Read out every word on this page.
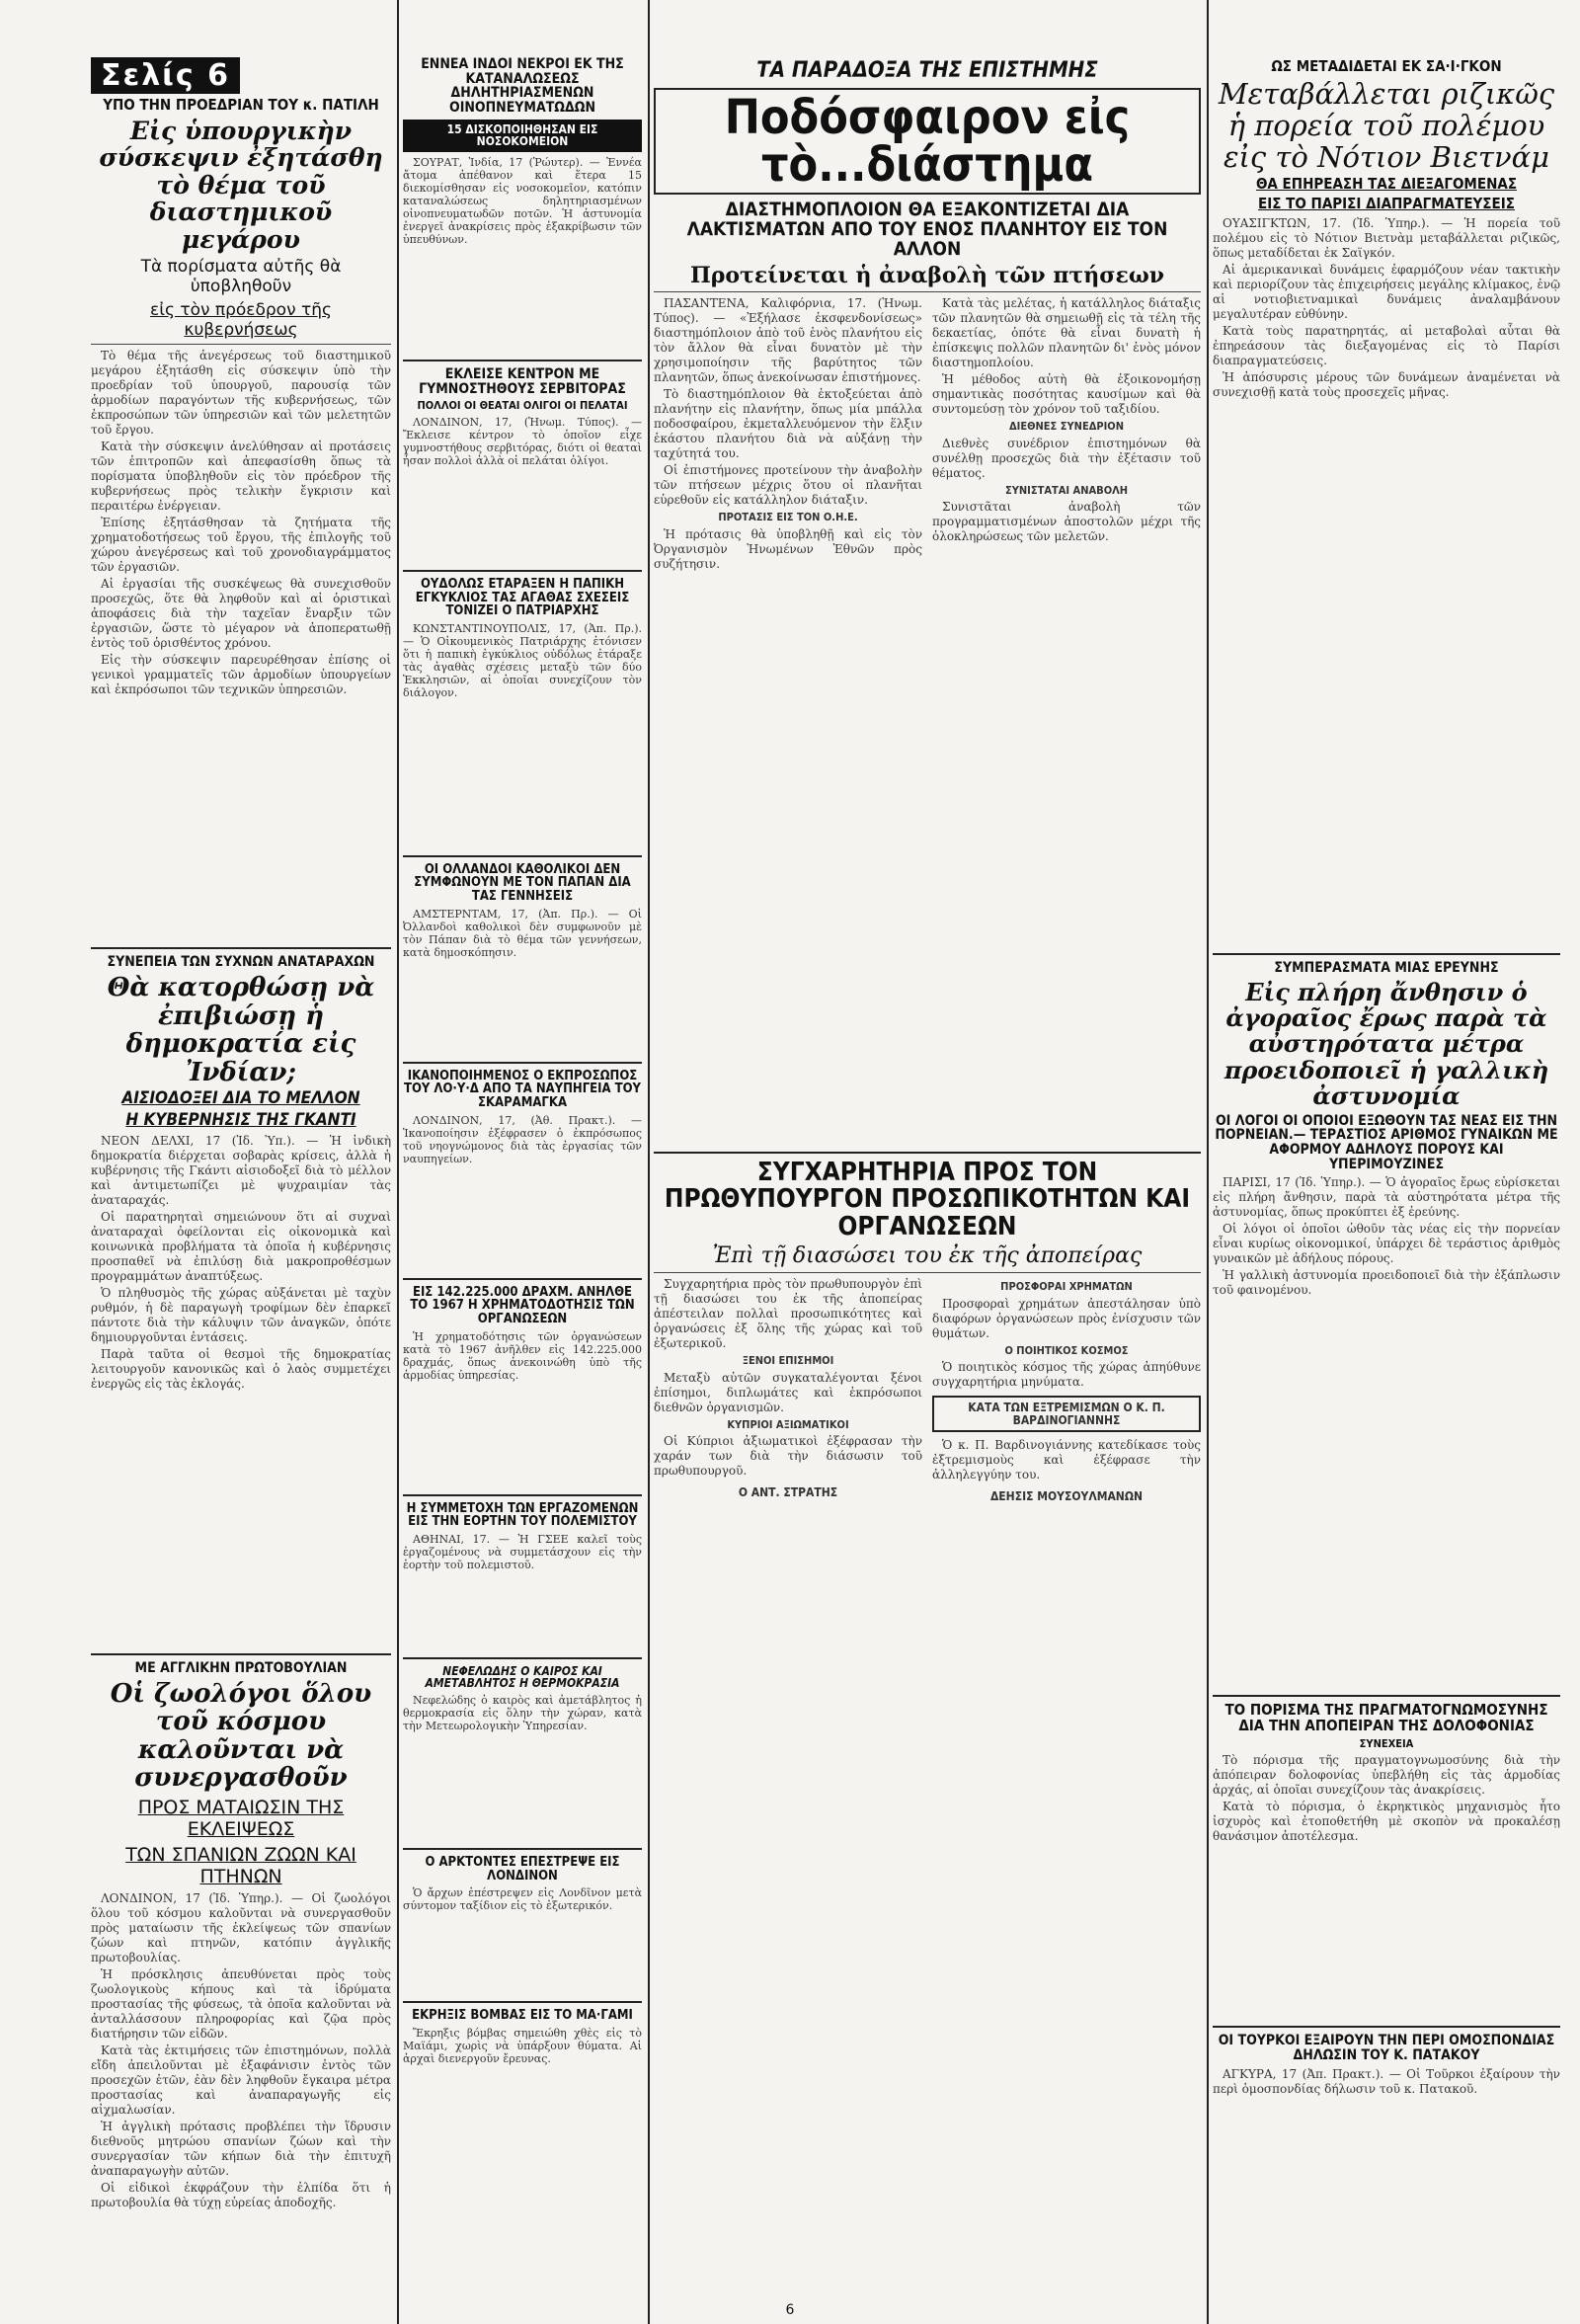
Σελίς 6
ΥΠΟ ΤΗΝ ΠΡΟΕΔΡΙΑΝ ΤΟΥ κ. ΠΑΤΙΛΗ
Εἰς ὑπουργικὴν σύσκεψιν ἐξητάσθη τὸ θέμα τοῦ διαστημικοῦ μεγάρου
Τὰ πορίσματα αὐτῆς θὰ ὑποβληθοῦν
εἰς τὸν πρόεδρον τῆς κυβερνήσεως

Τὸ θέμα τῆς ἀνεγέρσεως τοῦ διαστημικοῦ μεγάρου ἐξητάσθη εἰς σύσκεψιν ὑπὸ τὴν προεδρίαν τοῦ ὑπουργοῦ, παρουσίᾳ τῶν ἁρμοδίων παραγόντων τῆς κυβερνήσεως, τῶν ἐκπροσώπων τῶν ὑπηρεσιῶν καὶ τῶν μελετητῶν τοῦ ἔργου.

Κατὰ τὴν σύσκεψιν ἀνελύθησαν αἱ προτάσεις τῶν ἐπιτροπῶν καὶ ἀπεφασίσθη ὅπως τὰ πορίσματα ὑποβληθοῦν εἰς τὸν πρόεδρον τῆς κυβερνήσεως πρὸς τελικὴν ἔγκρισιν καὶ περαιτέρω ἐνέργειαν.

Ἐπίσης ἐξητάσθησαν τὰ ζητήματα τῆς χρηματοδοτήσεως τοῦ ἔργου, τῆς ἐπιλογῆς τοῦ χώρου ἀνεγέρσεως καὶ τοῦ χρονοδιαγράμματος τῶν ἐργασιῶν.

Αἱ ἐργασίαι τῆς συσκέψεως θὰ συνεχισθοῦν προσεχῶς, ὅτε θὰ ληφθοῦν καὶ αἱ ὁριστικαὶ ἀποφάσεις διὰ τὴν ταχεῖαν ἔναρξιν τῶν ἐργασιῶν, ὥστε τὸ μέγαρον νὰ ἀποπερατωθῇ ἐντὸς τοῦ ὁρισθέντος χρόνου.

Εἰς τὴν σύσκεψιν παρευρέθησαν ἐπίσης οἱ γενικοὶ γραμματεῖς τῶν ἁρμοδίων ὑπουργείων καὶ ἐκπρόσωποι τῶν τεχνικῶν ὑπηρεσιῶν.

ΣΥΝΕΠΕΙΑ ΤΩΝ ΣΥΧΝΩΝ ΑΝΑΤΑΡΑΧΩΝ
Θὰ κατορθώσῃ νὰ ἐπιβιώσῃ ἡ δημοκρατία εἰς Ἰνδίαν;
ΑΙΣΙΟΔΟΞΕΙ ΔΙΑ ΤΟ ΜΕΛΛΟΝ
Η ΚΥΒΕΡΝΗΣΙΣ ΤΗΣ ΓΚΑΝΤΙ

ΝΕΟΝ ΔΕΛΧΙ, 17 (Ἰδ. Ὑπ.). — Ἡ ἰνδικὴ δημοκρατία διέρχεται σοβαρὰς κρίσεις, ἀλλὰ ἡ κυβέρνησις τῆς Γκάντι αἰσιοδοξεῖ διὰ τὸ μέλλον καὶ ἀντιμετωπίζει μὲ ψυχραιμίαν τὰς ἀναταραχάς.

Οἱ παρατηρηταὶ σημειώνουν ὅτι αἱ συχναὶ ἀναταραχαὶ ὀφείλονται εἰς οἰκονομικὰ καὶ κοινωνικὰ προβλήματα τὰ ὁποῖα ἡ κυβέρνησις προσπαθεῖ νὰ ἐπιλύσῃ διὰ μακροπροθέσμων προγραμμάτων ἀναπτύξεως.

Ὁ πληθυσμὸς τῆς χώρας αὐξάνεται μὲ ταχὺν ρυθμόν, ἡ δὲ παραγωγὴ τροφίμων δὲν ἐπαρκεῖ πάντοτε διὰ τὴν κάλυψιν τῶν ἀναγκῶν, ὁπότε δημιουργοῦνται ἐντάσεις.

Παρὰ ταῦτα οἱ θεσμοὶ τῆς δημοκρατίας λειτουργοῦν κανονικῶς καὶ ὁ λαὸς συμμετέχει ἐνεργῶς εἰς τὰς ἐκλογάς.

ΜΕ ΑΓΓΛΙΚΗΝ ΠΡΩΤΟΒΟΥΛΙΑΝ
Οἱ ζωολόγοι ὅλου τοῦ κόσμου καλοῦνται νὰ συνεργασθοῦν
ΠΡΟΣ ΜΑΤΑΙΩΣΙΝ ΤΗΣ ΕΚΛΕΙΨΕΩΣ
ΤΩΝ ΣΠΑΝΙΩΝ ΖΩΩΝ ΚΑΙ ΠΤΗΝΩΝ

ΛΟΝΔΙΝΟΝ, 17 (Ἰδ. Ὑπηρ.). — Οἱ ζωολόγοι ὅλου τοῦ κόσμου καλοῦνται νὰ συνεργασθοῦν πρὸς ματαίωσιν τῆς ἐκλείψεως τῶν σπανίων ζώων καὶ πτηνῶν, κατόπιν ἀγγλικῆς πρωτοβουλίας.

Ἡ πρόσκλησις ἀπευθύνεται πρὸς τοὺς ζωολογικοὺς κήπους καὶ τὰ ἱδρύματα προστασίας τῆς φύσεως, τὰ ὁποῖα καλοῦνται νὰ ἀνταλλάσσουν πληροφορίας καὶ ζῷα πρὸς διατήρησιν τῶν εἰδῶν.

Κατὰ τὰς ἐκτιμήσεις τῶν ἐπιστημόνων, πολλὰ εἴδη ἀπειλοῦνται μὲ ἐξαφάνισιν ἐντὸς τῶν προσεχῶν ἐτῶν, ἐὰν δὲν ληφθοῦν ἔγκαιρα μέτρα προστασίας καὶ ἀναπαραγωγῆς εἰς αἰχμαλωσίαν.

Ἡ ἀγγλικὴ πρότασις προβλέπει τὴν ἵδρυσιν διεθνοῦς μητρώου σπανίων ζώων καὶ τὴν συνεργασίαν τῶν κήπων διὰ τὴν ἐπιτυχῆ ἀναπαραγωγὴν αὐτῶν.

Οἱ εἰδικοὶ ἐκφράζουν τὴν ἐλπίδα ὅτι ἡ πρωτοβουλία θὰ τύχῃ εὐρείας ἀποδοχῆς.

ΕΝΝΕΑ ΙΝΔΟΙ ΝΕΚΡΟΙ ΕΚ ΤΗΣ ΚΑΤΑΝΑΛΩΣΕΩΣ ΔΗΛΗΤΗΡΙΑΣΜΕΝΩΝ ΟΙΝΟΠΝΕΥΜΑΤΩΔΩΝ
15 ΔΙΣΚΟΠΟΙΗΘΗΣΑΝ ΕΙΣ ΝΟΣΟΚΟΜΕΙΟΝ

ΣΟΥΡΑΤ, Ἰνδία, 17 (Ῥώυτερ). — Ἐννέα ἄτομα ἀπέθανον καὶ ἕτερα 15 διεκομίσθησαν εἰς νοσοκομεῖον, κατόπιν καταναλώσεως δηλητηριασμένων οἰνοπνευματωδῶν ποτῶν. Ἡ ἀστυνομία ἐνεργεῖ ἀνακρίσεις πρὸς ἐξακρίβωσιν τῶν ὑπευθύνων.

ΕΚΛΕΙΣΕ ΚΕΝΤΡΟΝ ΜΕ ΓΥΜΝΟΣΤΗΘΟΥΣ ΣΕΡΒΙΤΟΡΑΣ
ΠΟΛΛΟΙ ΟΙ ΘΕΑΤΑΙ ΟΛΙΓΟΙ ΟΙ ΠΕΛΑΤΑΙ

ΛΟΝΔΙΝΟΝ, 17, (Ἡνωμ. Τύπος). — Ἔκλεισε κέντρον τὸ ὁποῖον εἶχε γυμνοστήθους σερβιτόρας, διότι οἱ θεαταὶ ἦσαν πολλοὶ ἀλλὰ οἱ πελάται ὀλίγοι.

ΟΥΔΟΛΩΣ ΕΤΑΡΑΞΕΝ Η ΠΑΠΙΚΗ ΕΓΚΥΚΛΙΟΣ ΤΑΣ ΑΓΑΘΑΣ ΣΧΕΣΕΙΣ ΤΟΝΙΖΕΙ Ο ΠΑΤΡΙΑΡΧΗΣ

ΚΩΝΣΤΑΝΤΙΝΟΥΠΟΛΙΣ, 17, (Ἀπ. Πρ.). — Ὁ Οἰκουμενικὸς Πατριάρχης ἐτόνισεν ὅτι ἡ παπικὴ ἐγκύκλιος οὐδόλως ἐτάραξε τὰς ἀγαθὰς σχέσεις μεταξὺ τῶν δύο Ἐκκλησιῶν, αἱ ὁποῖαι συνεχίζουν τὸν διάλογον.

ΟΙ ΟΛΛΑΝΔΟΙ ΚΑΘΟΛΙΚΟΙ ΔΕΝ ΣΥΜΦΩΝΟΥΝ ΜΕ ΤΟΝ ΠΑΠΑΝ ΔΙΑ ΤΑΣ ΓΕΝΝΗΣΕΙΣ

ΑΜΣΤΕΡΝΤΑΜ, 17, (Ἀπ. Πρ.). — Οἱ Ὀλλανδοὶ καθολικοὶ δὲν συμφωνοῦν μὲ τὸν Πάπαν διὰ τὸ θέμα τῶν γεννήσεων, κατὰ δημοσκόπησιν.

ΙΚΑΝΟΠΟΙΗΜΕΝΟΣ Ο ΕΚΠΡΟΣΩΠΟΣ ΤΟΥ ΛΟ·Υ·Δ ΑΠΟ ΤΑ ΝΑΥΠΗΓΕΙΑ ΤΟΥ ΣΚΑΡΑΜΑΓΚΑ

ΛΟΝΔΙΝΟΝ, 17, (Ἀθ. Πρακτ.). — Ἱκανοποίησιν ἐξέφρασεν ὁ ἐκπρόσωπος τοῦ νηογνώμονος διὰ τὰς ἐργασίας τῶν ναυπηγείων.

ΕΙΣ 142.225.000 ΔΡΑΧΜ. ΑΝΗΛΘΕ ΤΟ 1967 Η ΧΡΗΜΑΤΟΔΟΤΗΣΙΣ ΤΩΝ ΟΡΓΑΝΩΣΕΩΝ

Ἡ χρηματοδότησις τῶν ὀργανώσεων κατὰ τὸ 1967 ἀνῆλθεν εἰς 142.225.000 δραχμάς, ὅπως ἀνεκοινώθη ὑπὸ τῆς ἁρμοδίας ὑπηρεσίας.

Η ΣΥΜΜΕΤΟΧΗ ΤΩΝ ΕΡΓΑΖΟΜΕΝΩΝ ΕΙΣ ΤΗΝ ΕΟΡΤΗΝ ΤΟΥ ΠΟΛΕΜΙΣΤΟΥ

ΑΘΗΝΑΙ, 17. — Ἡ ΓΣΕΕ καλεῖ τοὺς ἐργαζομένους νὰ συμμετάσχουν εἰς τὴν ἑορτὴν τοῦ πολεμιστοῦ.

ΝΕΦΕΛΩΔΗΣ Ο ΚΑΙΡΟΣ ΚΑΙ ΑΜΕΤΑΒΛΗΤΟΣ Η ΘΕΡΜΟΚΡΑΣΙΑ

Νεφελώδης ὁ καιρὸς καὶ ἀμετάβλητος ἡ θερμοκρασία εἰς ὅλην τὴν χώραν, κατὰ τὴν Μετεωρολογικὴν Ὑπηρεσίαν.

Ο ΑΡΚΤΟΝΤΕΣ ΕΠΕΣΤΡΕΨΕ ΕΙΣ ΛΟΝΔΙΝΟΝ

Ὁ ἄρχων ἐπέστρεψεν εἰς Λονδῖνον μετὰ σύντομον ταξίδιον εἰς τὸ ἐξωτερικόν.

ΕΚΡΗΞΙΣ ΒΟΜΒΑΣ ΕΙΣ ΤΟ ΜΑ·ΓΑΜΙ

Ἔκρηξις βόμβας σημειώθη χθὲς εἰς τὸ Μαϊάμι, χωρὶς νὰ ὑπάρξουν θύματα. Αἱ ἀρχαὶ διενεργοῦν ἔρευνας.

ΤΑ ΠΑΡΑΔΟΞΑ ΤΗΣ ΕΠΙΣΤΗΜΗΣ
Ποδόσφαιρον εἰς τὸ...διάστημα
ΔΙΑΣΤΗΜΟΠΛΟΙΟΝ ΘΑ ΕΞΑΚΟΝΤΙΖΕΤΑΙ ΔΙΑ ΛΑΚΤΙΣΜΑΤΩΝ ΑΠΟ ΤΟΥ ΕΝΟΣ ΠΛΑΝΗΤΟΥ ΕΙΣ ΤΟΝ ΑΛΛΟΝ
Προτείνεται ἡ ἀναβολὴ τῶν πτήσεων

ΠΑΣΑΝΤΕΝΑ, Καλιφόρνια, 17. (Ἡνωμ. Τύπος). — «Ἐξήλασε ἐκσφενδονίσεως» διαστημόπλοιον ἀπὸ τοῦ ἑνὸς πλανήτου εἰς τὸν ἄλλον θὰ εἶναι δυνατὸν μὲ τὴν χρησιμοποίησιν τῆς βαρύτητος τῶν πλανητῶν, ὅπως ἀνεκοίνωσαν ἐπιστήμονες.

Τὸ διαστημόπλοιον θὰ ἐκτοξεύεται ἀπὸ πλανήτην εἰς πλανήτην, ὅπως μία μπάλλα ποδοσφαίρου, ἐκμεταλλευόμενον τὴν ἕλξιν ἑκάστου πλανήτου διὰ νὰ αὐξάνῃ τὴν ταχύτητά του.

Οἱ ἐπιστήμονες προτείνουν τὴν ἀναβολὴν τῶν πτήσεων μέχρις ὅτου οἱ πλανῆται εὑρεθοῦν εἰς κατάλληλον διάταξιν.

ΠΡΟΤΑΣΙΣ ΕΙΣ ΤΟΝ Ο.Η.Ε.

Ἡ πρότασις θὰ ὑποβληθῇ καὶ εἰς τὸν Ὀργανισμὸν Ἡνωμένων Ἐθνῶν πρὸς συζήτησιν.

Κατὰ τὰς μελέτας, ἡ κατάλληλος διάταξις τῶν πλανητῶν θὰ σημειωθῇ εἰς τὰ τέλη τῆς δεκαετίας, ὁπότε θὰ εἶναι δυνατὴ ἡ ἐπίσκεψις πολλῶν πλανητῶν δι' ἑνὸς μόνον διαστημοπλοίου.

Ἡ μέθοδος αὐτὴ θὰ ἐξοικονομήσῃ σημαντικὰς ποσότητας καυσίμων καὶ θὰ συντομεύσῃ τὸν χρόνον τοῦ ταξιδίου.

ΔΙΕΘΝΕΣ ΣΥΝΕΔΡΙΟΝ

Διεθνὲς συνέδριον ἐπιστημόνων θὰ συνέλθῃ προσεχῶς διὰ τὴν ἐξέτασιν τοῦ θέματος.

ΣΥΝΙΣΤΑΤΑΙ ΑΝΑΒΟΛΗ

Συνιστᾶται ἀναβολὴ τῶν προγραμματισμένων ἀποστολῶν μέχρι τῆς ὁλοκληρώσεως τῶν μελετῶν.

ΣΥΓΧΑΡΗΤΗΡΙΑ ΠΡΟΣ ΤΟΝ ΠΡΩΘΥΠΟΥΡΓΟΝ ΠΡΟΣΩΠΙΚΟΤΗΤΩΝ ΚΑΙ ΟΡΓΑΝΩΣΕΩΝ
Ἐπὶ τῇ διασώσει του ἐκ τῆς ἀποπείρας

Συγχαρητήρια πρὸς τὸν πρωθυπουργὸν ἐπὶ τῇ διασώσει του ἐκ τῆς ἀποπείρας ἀπέστειλαν πολλαὶ προσωπικότητες καὶ ὀργανώσεις ἐξ ὅλης τῆς χώρας καὶ τοῦ ἐξωτερικοῦ.

ΞΕΝΟΙ ΕΠΙΣΗΜΟΙ

Μεταξὺ αὐτῶν συγκαταλέγονται ξένοι ἐπίσημοι, διπλωμάτες καὶ ἐκπρόσωποι διεθνῶν ὀργανισμῶν.

ΚΥΠΡΙΟΙ ΑΞΙΩΜΑΤΙΚΟΙ

Οἱ Κύπριοι ἀξιωματικοὶ ἐξέφρασαν τὴν χαράν των διὰ τὴν διάσωσιν τοῦ πρωθυπουργοῦ.

Ο ΑΝΤ. ΣΤΡΑΤΗΣ
ΠΡΟΣΦΟΡΑΙ ΧΡΗΜΑΤΩΝ

Προσφοραὶ χρημάτων ἀπεστάλησαν ὑπὸ διαφόρων ὀργανώσεων πρὸς ἐνίσχυσιν τῶν θυμάτων.

Ο ΠΟΙΗΤΙΚΟΣ ΚΟΣΜΟΣ

Ὁ ποιητικὸς κόσμος τῆς χώρας ἀπηύθυνε συγχαρητήρια μηνύματα.

ΚΑΤΑ ΤΩΝ ΕΞΤΡΕΜΙΣΜΩΝ Ο Κ. Π. ΒΑΡΔΙΝΟΓΙΑΝΝΗΣ

Ὁ κ. Π. Βαρδινογιάννης κατεδίκασε τοὺς ἐξτρεμισμοὺς καὶ ἐξέφρασε τὴν ἀλληλεγγύην του.

ΔΕΗΣΙΣ ΜΟΥΣΟΥΛΜΑΝΩΝ
ΩΣ ΜΕΤΑΔΙΔΕΤΑΙ ΕΚ ΣΑ·Ι·ΓΚΟΝ
Μεταβάλλεται ριζικῶς ἡ πορεία τοῦ πολέμου εἰς τὸ Νότιον Βιετνάμ
ΘΑ ΕΠΗΡΕΑΣΗ ΤΑΣ ΔΙΕΞΑΓΟΜΕΝΑΣ
ΕΙΣ ΤΟ ΠΑΡΙΣΙ ΔΙΑΠΡΑΓΜΑΤΕΥΣΕΙΣ

ΟΥΑΣΙΓΚΤΩΝ, 17. (Ἰδ. Ὑπηρ.). — Ἡ πορεία τοῦ πολέμου εἰς τὸ Νότιον Βιετνὰμ μεταβάλλεται ριζικῶς, ὅπως μεταδίδεται ἐκ Σαϊγκόν.

Αἱ ἀμερικανικαὶ δυνάμεις ἐφαρμόζουν νέαν τακτικὴν καὶ περιορίζουν τὰς ἐπιχειρήσεις μεγάλης κλίμακος, ἐνῷ αἱ νοτιοβιετναμικαὶ δυνάμεις ἀναλαμβάνουν μεγαλυτέραν εὐθύνην.

Κατὰ τοὺς παρατηρητάς, αἱ μεταβολαὶ αὗται θὰ ἐπηρεάσουν τὰς διεξαγομένας εἰς τὸ Παρίσι διαπραγματεύσεις.

Ἡ ἀπόσυρσις μέρους τῶν δυνάμεων ἀναμένεται νὰ συνεχισθῇ κατὰ τοὺς προσεχεῖς μῆνας.

ΣΥΜΠΕΡΑΣΜΑΤΑ ΜΙΑΣ ΕΡΕΥΝΗΣ
Εἰς πλήρη ἄνθησιν ὁ ἀγοραῖος ἔρως παρὰ τὰ αὐστηρότατα μέτρα προειδοποιεῖ ἡ γαλλικὴ ἀστυνομία
ΟΙ ΛΟΓΟΙ ΟΙ ΟΠΟΙΟΙ ΕΞΩΘΟΥΝ ΤΑΣ ΝΕΑΣ ΕΙΣ ΤΗΝ ΠΟΡΝΕΙΑΝ.— ΤΕΡΑΣΤΙΟΣ ΑΡΙΘΜΟΣ ΓΥΝΑΙΚΩΝ ΜΕ ΑΦΟΡΜΟΥ ΑΔΗΛΟΥΣ ΠΟΡΟΥΣ ΚΑΙ ΥΠΕΡΙΜΟΥΖΙΝΕΣ

ΠΑΡΙΣΙ, 17 (Ἰδ. Ὑπηρ.). — Ὁ ἀγοραῖος ἔρως εὑρίσκεται εἰς πλήρη ἄνθησιν, παρὰ τὰ αὐστηρότατα μέτρα τῆς ἀστυνομίας, ὅπως προκύπτει ἐξ ἐρεύνης.

Οἱ λόγοι οἱ ὁποῖοι ὠθοῦν τὰς νέας εἰς τὴν πορνείαν εἶναι κυρίως οἰκονομικοί, ὑπάρχει δὲ τεράστιος ἀριθμὸς γυναικῶν μὲ ἀδήλους πόρους.

Ἡ γαλλικὴ ἀστυνομία προειδοποιεῖ διὰ τὴν ἐξάπλωσιν τοῦ φαινομένου.

ΤΟ ΠΟΡΙΣΜΑ ΤΗΣ ΠΡΑΓΜΑΤΟΓΝΩΜΟΣΥΝΗΣ ΔΙΑ ΤΗΝ ΑΠΟΠΕΙΡΑΝ ΤΗΣ ΔΟΛΟΦΟΝΙΑΣ
ΣΥΝΕΧΕΙΑ

Τὸ πόρισμα τῆς πραγματογνωμοσύνης διὰ τὴν ἀπόπειραν δολοφονίας ὑπεβλήθη εἰς τὰς ἁρμοδίας ἀρχάς, αἱ ὁποῖαι συνεχίζουν τὰς ἀνακρίσεις.

Κατὰ τὸ πόρισμα, ὁ ἐκρηκτικὸς μηχανισμὸς ἦτο ἰσχυρὸς καὶ ἐτοποθετήθη μὲ σκοπὸν νὰ προκαλέσῃ θανάσιμον ἀποτέλεσμα.

ΟΙ ΤΟΥΡΚΟΙ ΕΞΑΙΡΟΥΝ ΤΗΝ ΠΕΡΙ ΟΜΟΣΠΟΝΔΙΑΣ ΔΗΛΩΣΙΝ ΤΟΥ Κ. ΠΑΤΑΚΟΥ

ΑΓΚΥΡΑ, 17 (Ἀπ. Πρακτ.). — Οἱ Τοῦρκοι ἐξαίρουν τὴν περὶ ὁμοσπονδίας δήλωσιν τοῦ κ. Πατακοῦ.

6
